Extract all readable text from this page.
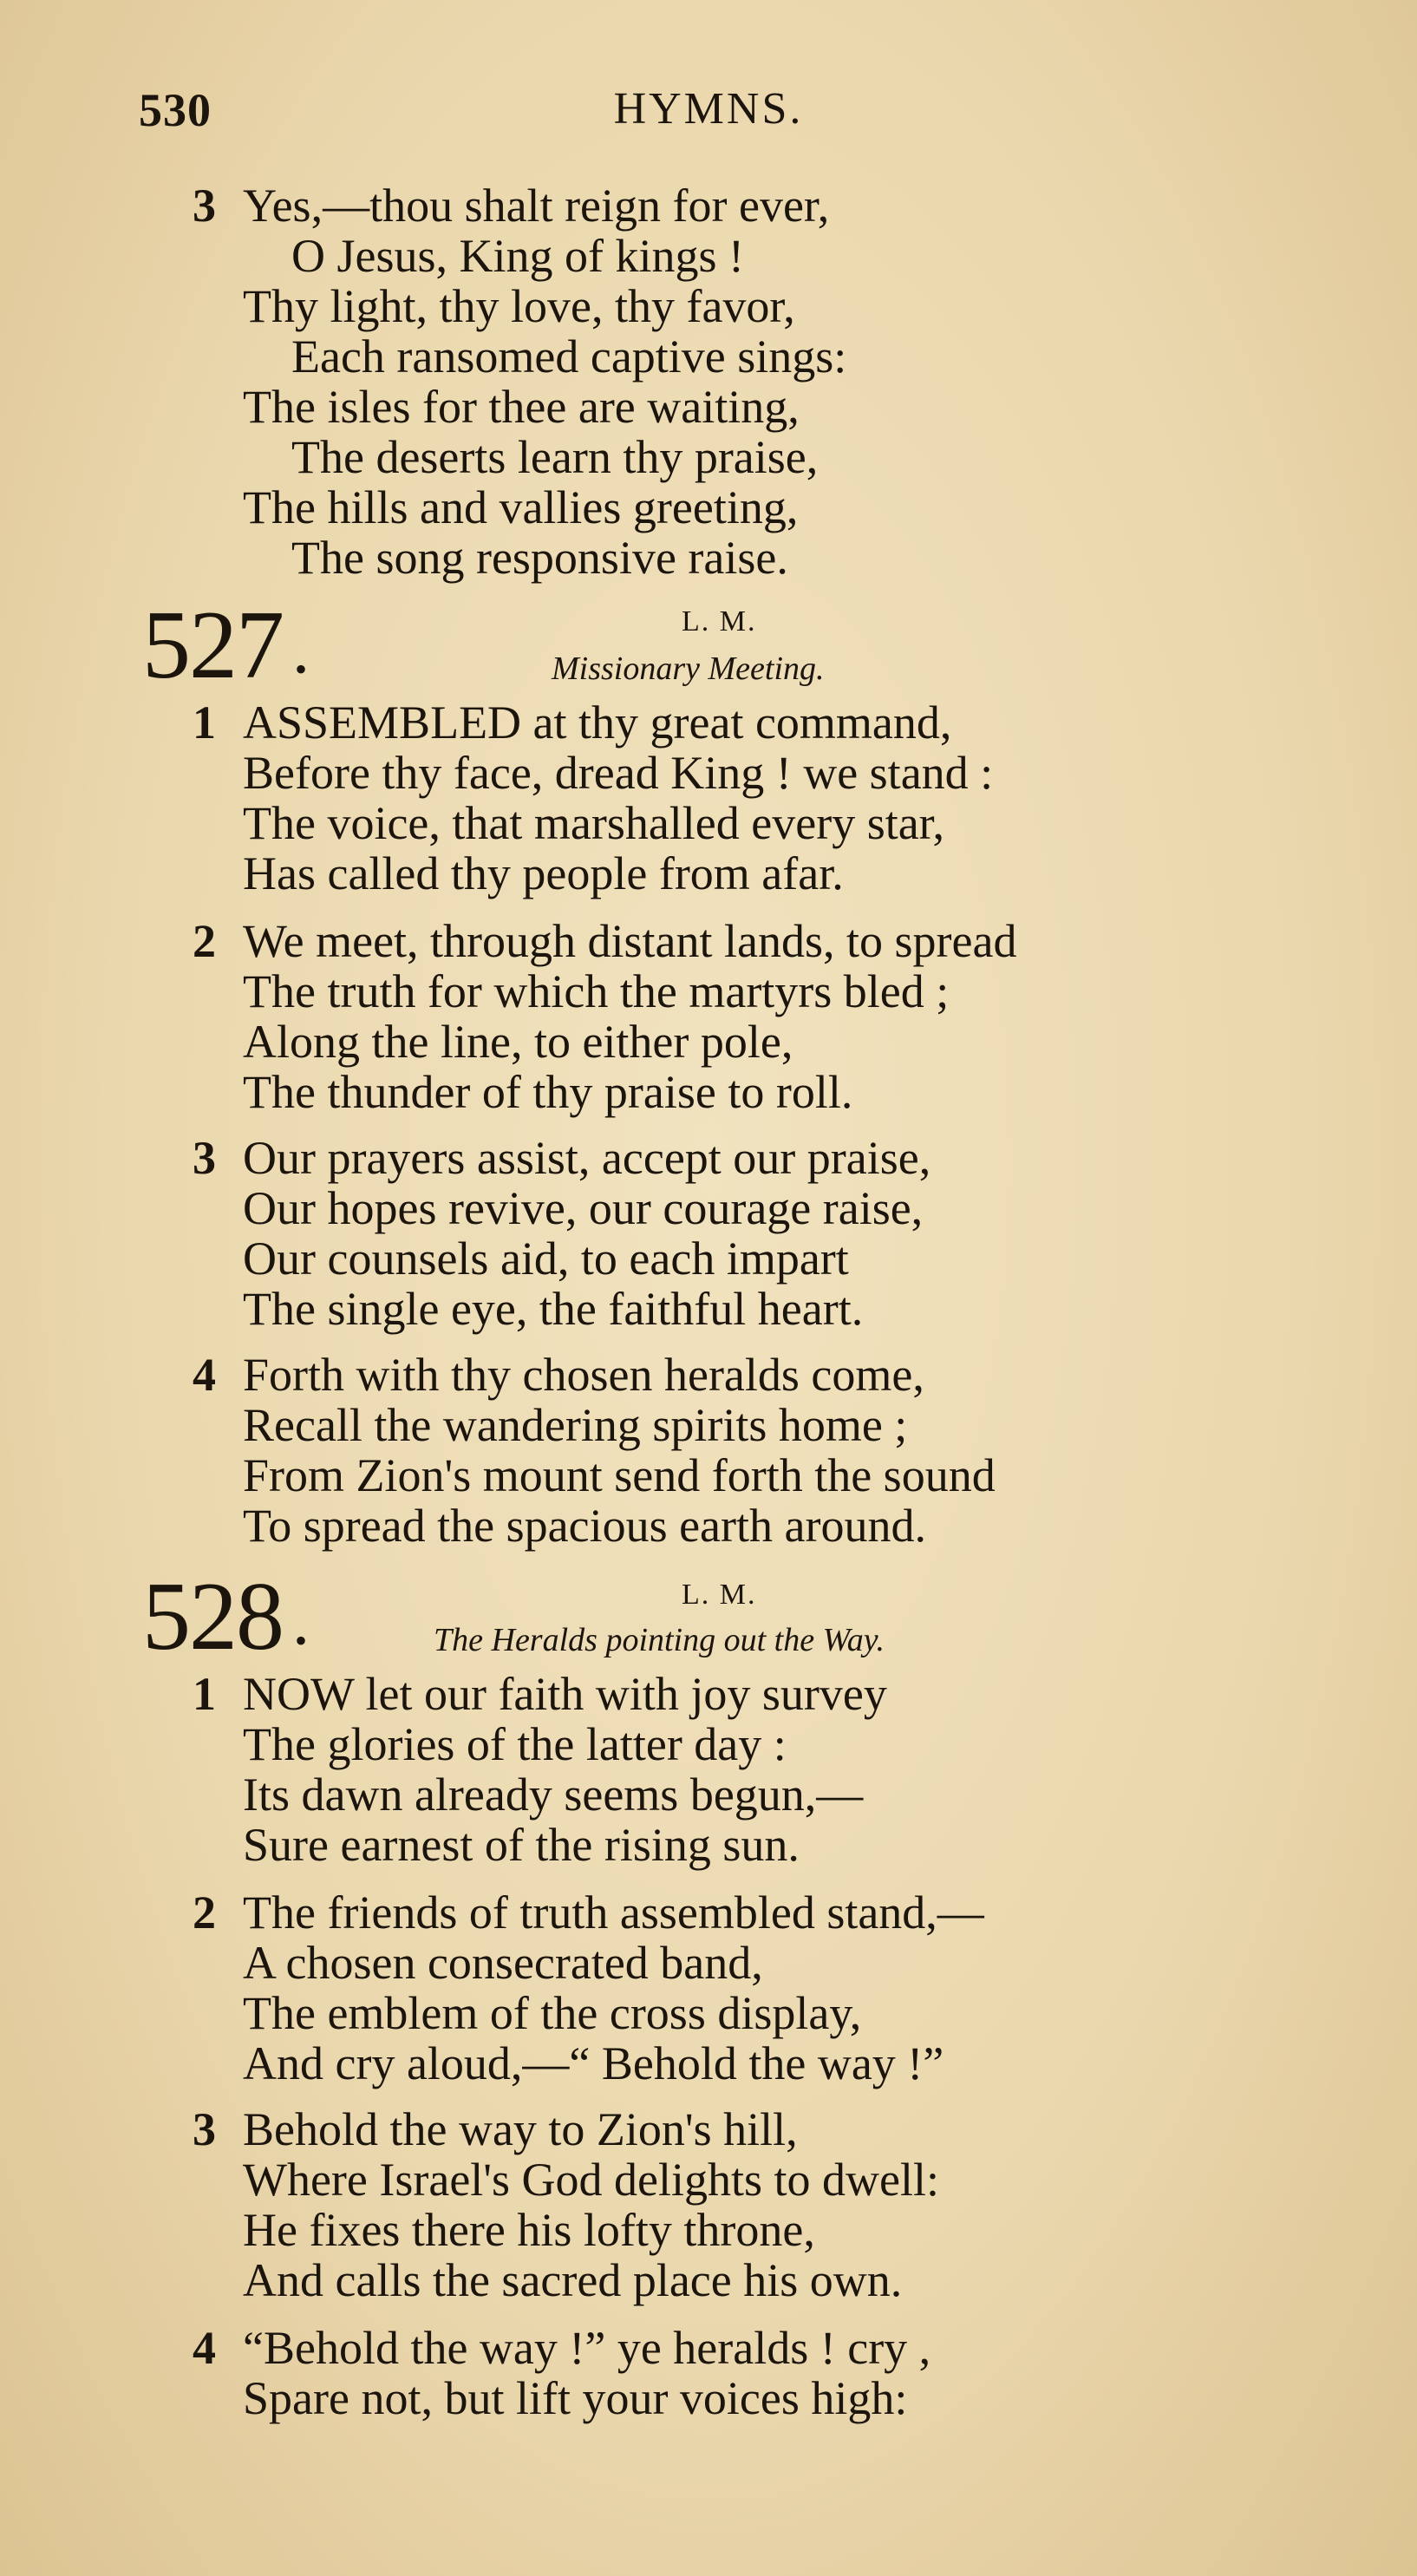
530	HYMNS.
3 Yes,—thou shalt reign for ever,
O Jesus, King of kings !
Thy light, thy love, thy favor,
Each ransomed captive sings:
The isles for thee are waiting,
The deserts learn thy praise,
The hills and vallies greeting,
The song responsive raise.
527 •
L. M.
Missionary Meeting.
1 ASSEMBLED at thy great command,
Before thy face, dread King ! we stand :
The voice, that marshalled every star,
Has called thy people from afar.
2 We meet, through distant lands, to spread
The truth for which the martyrs bled ;
Along the line, to either pole,
The thunder of thy praise to roll.
3 Our prayers assist, accept our praise,
Our hopes revive, our courage raise,
Our counsels aid, to each impart
The single eye, the faithful heart.
4 Forth with thy chosen heralds come,
Recall the wandering spirits home ;
From Zion's mount send forth the sound
To spread the spacious earth around.
528 •
L. M.
The Heralds pointing out the Way.
1 NOW let our faith with joy survey
The glories of the latter day :
Its dawn already seems begun,—
Sure earnest of the rising sun.
2 The friends of truth assembled stand,—
A chosen consecrated band,
The emblem of the cross display,
And cry aloud,—“ Behold the way !”
3 Behold the way to Zion's hill,
Where Israel's God delights to dwell:
He fixes there his lofty throne,
And calls the sacred place his own.
4 “Behold the way !” ye heralds ! cry ,
Spare not, but lift your voices high:
